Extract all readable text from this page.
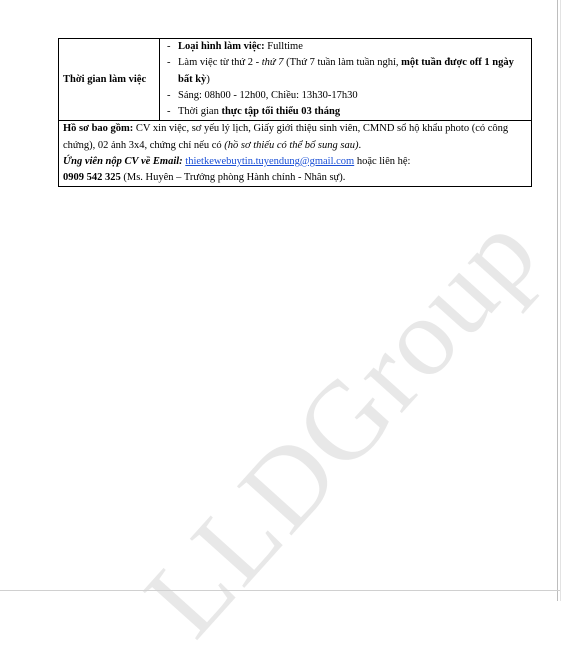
Thời gian làm việc	
- Loại hình làm việc: Fulltime
- Làm việc từ thứ 2 - thứ 7 (Thứ 7 tuần làm tuần nghỉ, một tuần được off 1 ngày bất kỳ)
- Sáng: 08h00 - 12h00, Chiều: 13h30-17h30
- Thời gian thực tập tối thiểu 03 tháng

Hồ sơ bao gồm: CV xin việc, sơ yếu lý lịch, Giấy giới thiệu sinh viên, CMND sổ hộ khẩu photo (có công chứng), 02 ảnh 3x4, chứng chỉ nếu có (hồ sơ thiếu có thể bổ sung sau).

Ứng viên nộp CV về Email: thietkewebuytin.tuyendung@gmail.com hoặc liên hệ:

0909 542 325 (Ms. Huyên – Trưởng phòng Hành chính - Nhân sự).

LLDGroup
